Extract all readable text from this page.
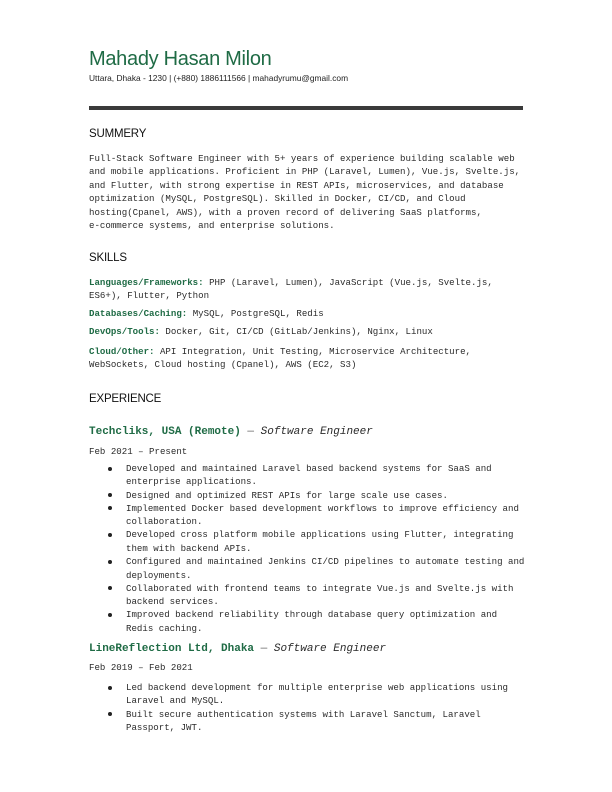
Mahady Hasan Milon

Uttara, Dhaka - 1230 | (+880) 1886111566 | mahadyrumu@gmail.com

SUMMERY

Full-Stack Software Engineer with 5+ years of experience building scalable web
and mobile applications. Proficient in PHP (Laravel, Lumen), Vue.js, Svelte.js,
and Flutter, with strong expertise in REST APIs, microservices, and database
optimization (MySQL, PostgreSQL). Skilled in Docker, CI/CD, and Cloud
hosting(Cpanel, AWS), with a proven record of delivering SaaS platforms,
e-commerce systems, and enterprise solutions.

SKILLS

Languages/Frameworks: PHP (Laravel, Lumen), JavaScript (Vue.js, Svelte.js,
ES6+), Flutter, Python

Databases/Caching: MySQL, PostgreSQL, Redis

DevOps/Tools: Docker, Git, CI/CD (GitLab/Jenkins), Nginx, Linux

Cloud/Other: API Integration, Unit Testing, Microservice Architecture,
WebSockets, Cloud hosting (Cpanel), AWS (EC2, S3)

EXPERIENCE

Techcliks, USA (Remote) — Software Engineer

Feb 2021 – Present

Developed and maintained Laravel based backend systems for SaaS and
enterprise applications.
Designed and optimized REST APIs for large scale use cases.
Implemented Docker based development workflows to improve efficiency and
collaboration.
Developed cross platform mobile applications using Flutter, integrating
them with backend APIs.
Configured and maintained Jenkins CI/CD pipelines to automate testing and
deployments.
Collaborated with frontend teams to integrate Vue.js and Svelte.js with
backend services.
Improved backend reliability through database query optimization and
Redis caching.

LineReflection Ltd, Dhaka — Software Engineer

Feb 2019 – Feb 2021

Led backend development for multiple enterprise web applications using
Laravel and MySQL.
Built secure authentication systems with Laravel Sanctum, Laravel
Passport, JWT.
